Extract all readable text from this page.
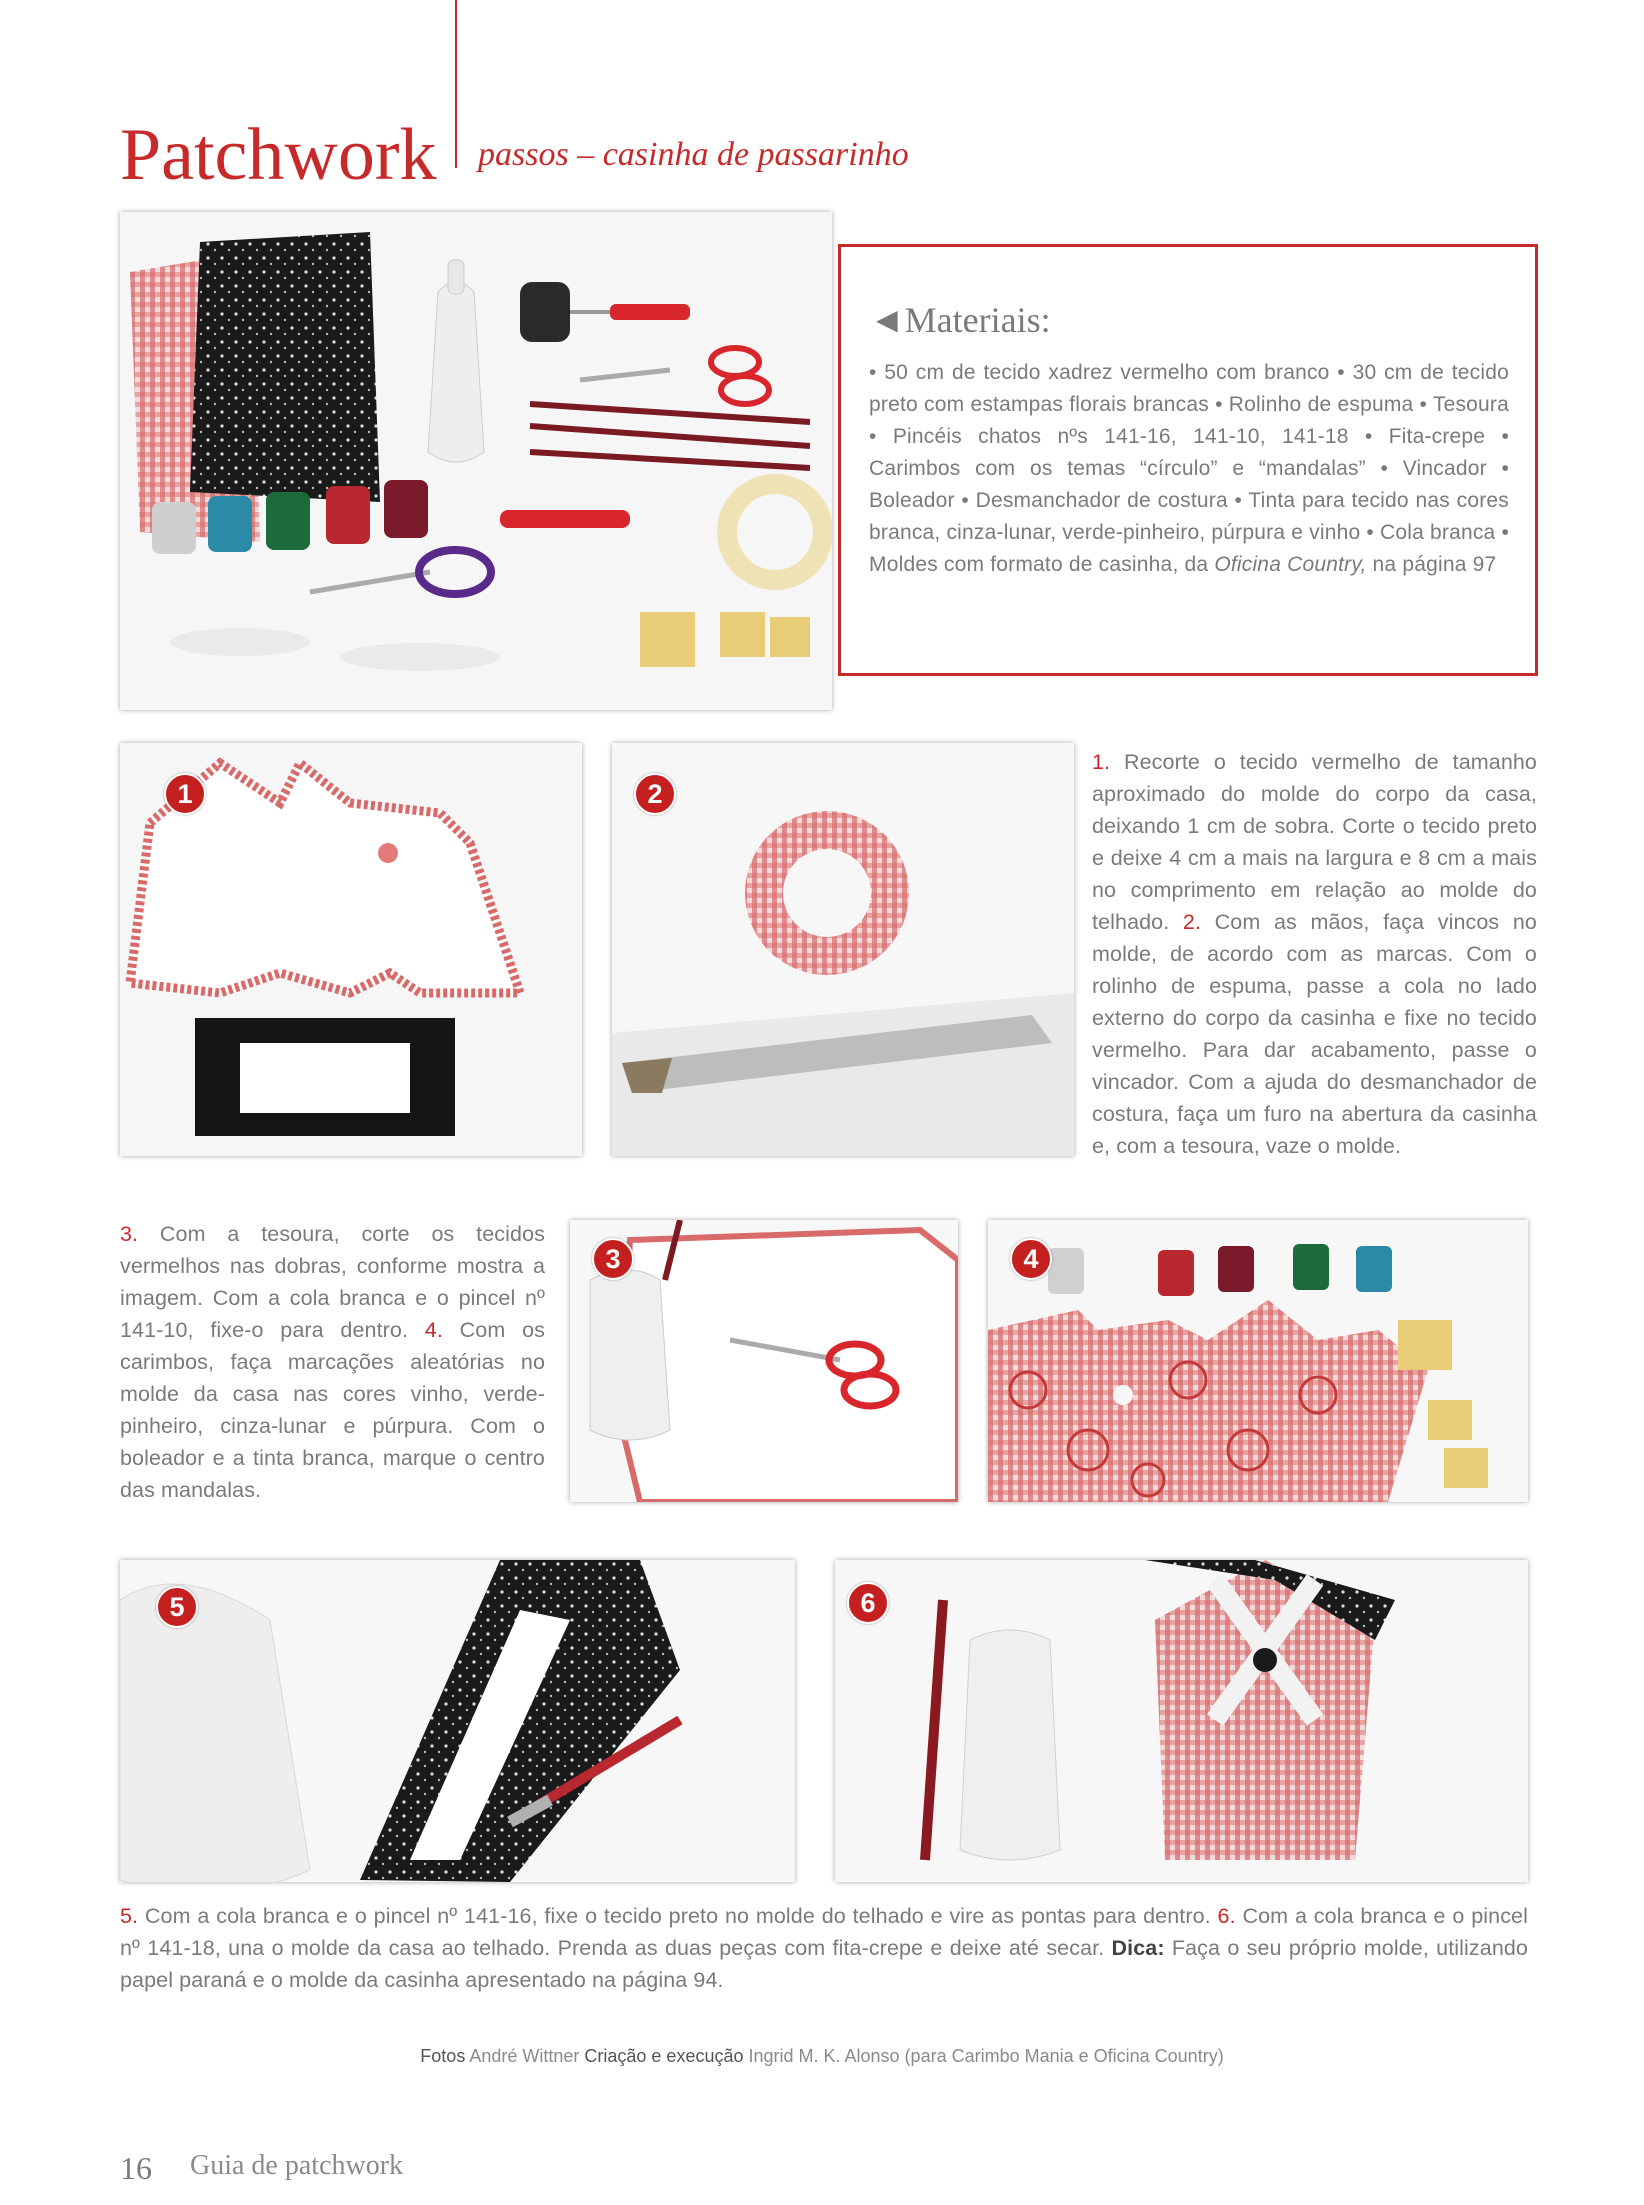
Patchwork passos – casinha de passarinho
◄Materiais:
• 50 cm de tecido xadrez vermelho com branco • 30 cm de tecido preto com estampas florais brancas • Rolinho de espuma • Tesoura • Pincéis chatos nºs 141-16, 141-10, 141-18 • Fita-crepe • Carimbos com os temas “círculo” e “mandalas” • Vincador • Boleador • Desmanchador de costura • Tinta para tecido nas cores branca, cinza-lunar, verde-pinheiro, púrpura e vinho • Cola branca • Moldes com formato de casinha, da Oficina Country, na página 97
1	2
1. Recorte o tecido vermelho de tamanho aproximado do molde do corpo da casa, deixando 1 cm de sobra. Corte o tecido preto e deixe 4 cm a mais na largura e 8 cm a mais no comprimento em relação ao molde do telhado. 2. Com as mãos, faça vincos no molde, de acordo com as marcas. Com o rolinho de espuma, passe a cola no lado externo do corpo da casinha e fixe no tecido vermelho. Para dar acabamento, passe o vincador. Com a ajuda do desmanchador de costura, faça um furo na abertura da casinha e, com a tesoura, vaze o molde.
3. Com a tesoura, corte os tecidos vermelhos nas dobras, conforme mostra a imagem. Com a cola branca e o pincel nº 141-10, fixe-o para dentro. 4. Com os carimbos, faça marcações aleatórias no molde da casa nas cores vinho, verde-pinheiro, cinza-lunar e púrpura. Com o boleador e a tinta branca, marque o centro das mandalas.
3	4
5	6
5. Com a cola branca e o pincel nº 141-16, fixe o tecido preto no molde do telhado e vire as pontas para dentro. 6. Com a cola branca e o pincel nº 141-18, una o molde da casa ao telhado. Prenda as duas peças com fita-crepe e deixe até secar. Dica: Faça o seu próprio molde, utilizando papel paraná e o molde da casinha apresentado na página 94.
Fotos André Wittner Criação e execução Ingrid M. K. Alonso (para Carimbo Mania e Oficina Country)
16 Guia de patchwork
